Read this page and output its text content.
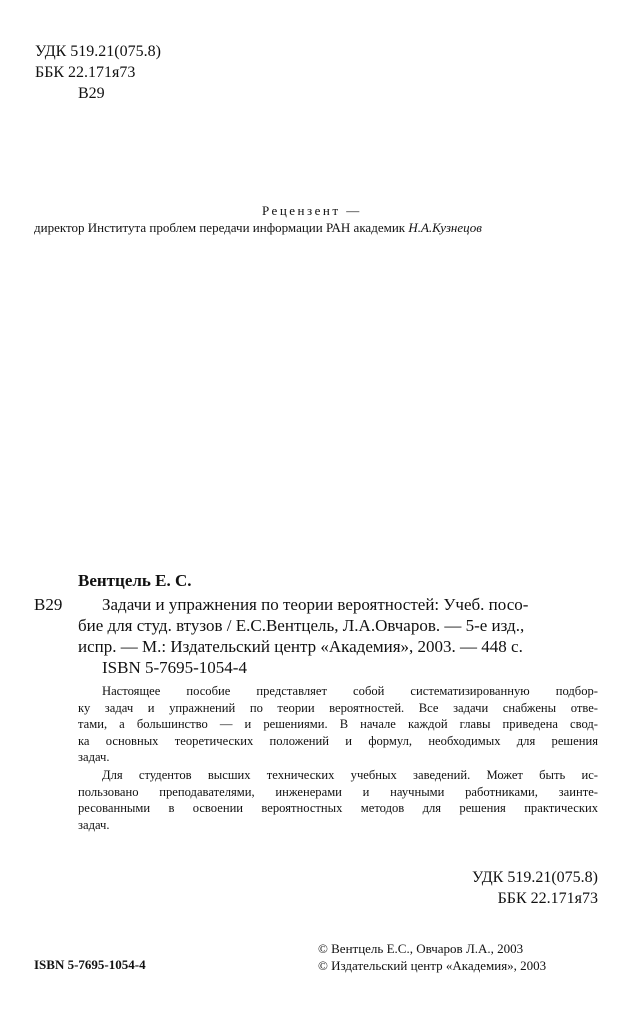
УДК 519.21(075.8)
ББК 22.171я73
В29
Рецензент —
директор Института проблем передачи информации РАН академик Н.А.Кузнецов
Вентцель Е. С.
В29 Задачи и упражнения по теории вероятностей: Учеб. посо-
бие для студ. втузов / Е.С.Вентцель, Л.А.Овчаров. — 5-е изд.,
испр. — М.: Издательский центр «Академия», 2003. — 448 с.
ISBN 5-7695-1054-4
Настоящее пособие представляет собой систематизированную подбор-
ку задач и упражнений по теории вероятностей. Все задачи снабжены отве-
тами, а большинство — и решениями. В начале каждой главы приведена свод-
ка основных теоретических положений и формул, необходимых для решения
задач.
Для студентов высших технических учебных заведений. Может быть ис-
пользовано преподавателями, инженерами и научными работниками, заинте-
ресованными в освоении вероятностных методов для решения практических
задач.
УДК 519.21(075.8)
ББК 22.171я73
ISBN 5-7695-1054-4
© Вентцель Е.С., Овчаров Л.А., 2003
© Издательский центр «Академия», 2003
